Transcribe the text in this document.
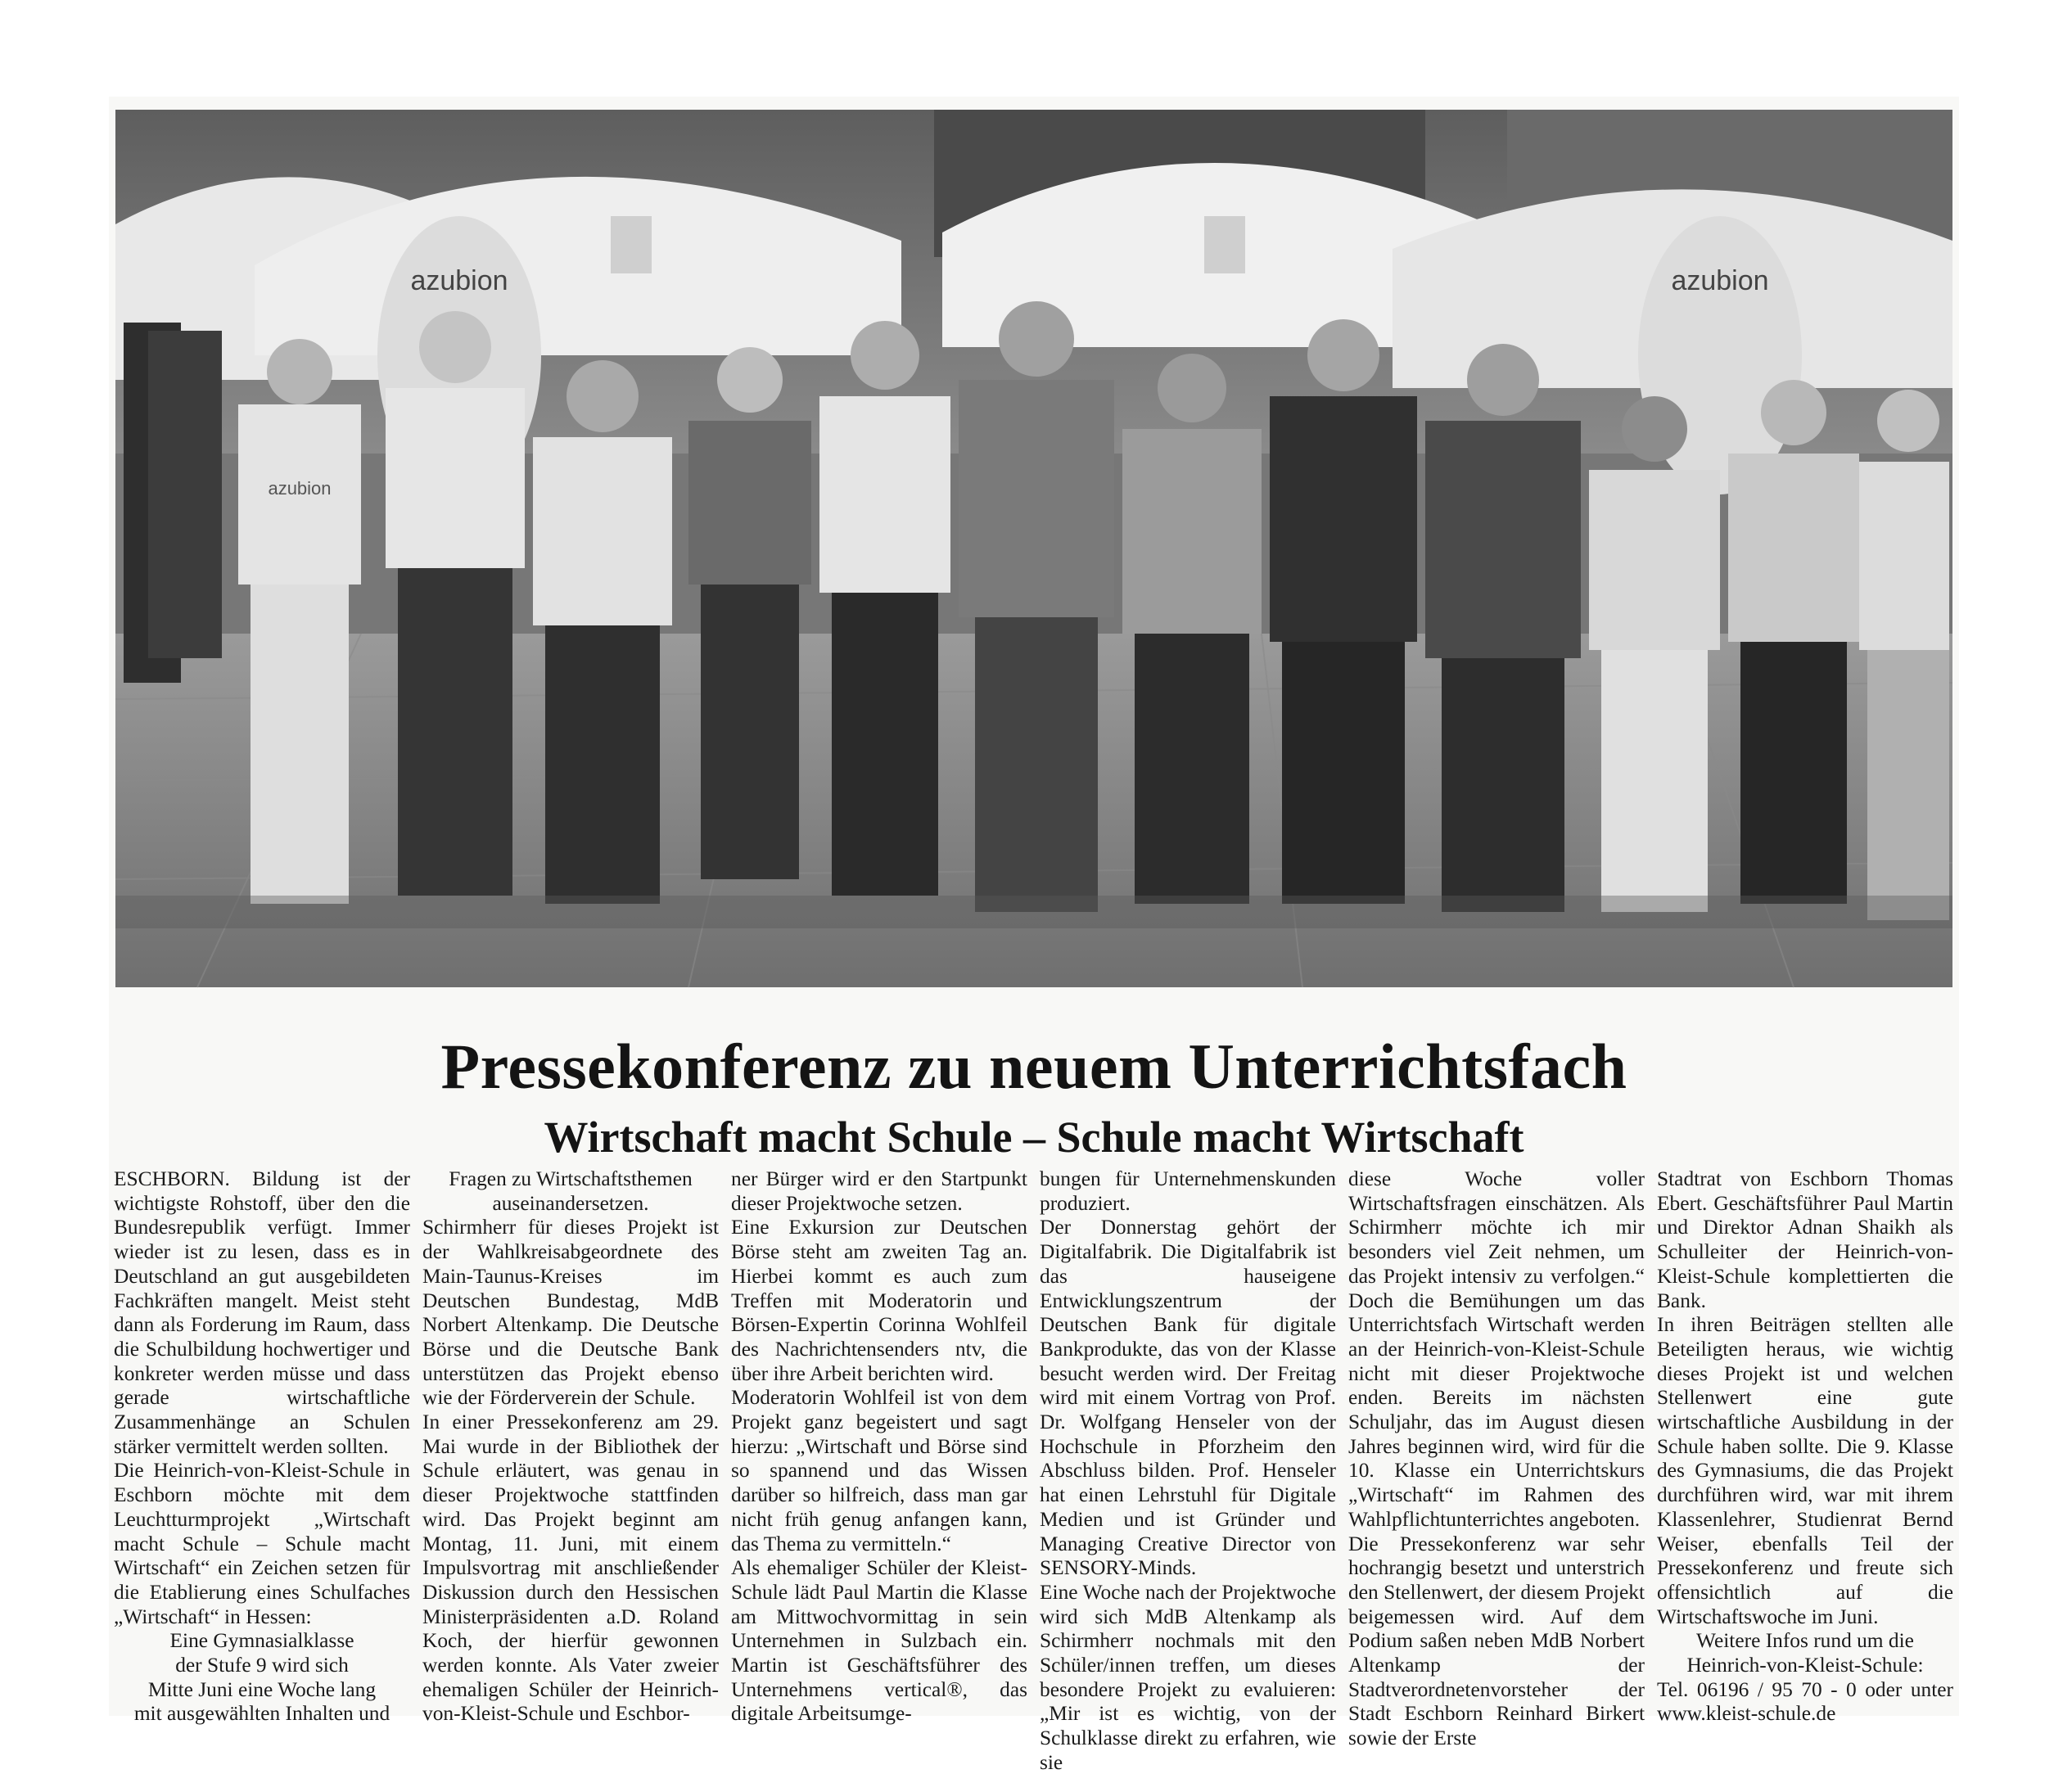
azubion	azubion
azubion
Pressekonferenz zu neuem Unterrichtsfach
Wirtschaft macht Schule – Schule macht Wirtschaft

ESCHBORN. Bildung ist der wichtigste Rohstoff, über den die Bundesrepublik verfügt. Immer wieder ist zu lesen, dass es in Deutschland an gut ausgebildeten Fachkräften mangelt. Meist steht dann als Forderung im Raum, dass die Schulbildung hochwertiger und konkreter werden müsse und dass gerade wirtschaftliche Zusammenhänge an Schulen stärker vermittelt werden sollten.

Die Heinrich-von-Kleist-Schule in Eschborn möchte mit dem Leuchtturmprojekt „Wirtschaft macht Schule – Schule macht Wirtschaft“ ein Zeichen setzen für die Etablierung eines Schulfaches „Wirtschaft“ in Hessen:

Eine Gymnasialklasse

der Stufe 9 wird sich

Mitte Juni eine Woche lang

mit ausgewählten Inhalten und

Fragen zu Wirtschaftsthemen

auseinandersetzen.

Schirmherr für dieses Projekt ist der Wahlkreisabgeordnete des Main-Taunus-Kreises im Deutschen Bundestag, MdB Norbert Altenkamp. Die Deutsche Börse und die Deutsche Bank unterstützen das Projekt ebenso wie der Förderverein der Schule.

In einer Pressekonferenz am 29. Mai wurde in der Bibliothek der Schule erläutert, was genau in dieser Projektwoche stattfinden wird. Das Projekt beginnt am Montag, 11. Juni, mit einem Impulsvortrag mit anschließender Diskussion durch den Hessischen Ministerpräsidenten a.D. Roland Koch, der hierfür gewonnen werden konnte. Als Vater zweier ehemaligen Schüler der Heinrich-von-Kleist-Schule und Eschbor-

ner Bürger wird er den Startpunkt dieser Projektwoche setzen.

Eine Exkursion zur Deutschen Börse steht am zweiten Tag an. Hierbei kommt es auch zum Treffen mit Moderatorin und Börsen-Expertin Corinna Wohlfeil des Nachrichtensenders ntv, die über ihre Arbeit berichten wird.

Moderatorin Wohlfeil ist von dem Projekt ganz begeistert und sagt hierzu: „Wirtschaft und Börse sind so spannend und das Wissen darüber so hilfreich, dass man gar nicht früh genug anfangen kann, das Thema zu vermitteln.“

Als ehemaliger Schüler der Kleist-Schule lädt Paul Martin die Klasse am Mittwochvormittag in sein Unternehmen in Sulzbach ein. Martin ist Geschäftsführer des Unternehmens vertical®, das digitale Arbeitsumge-

bungen für Unternehmenskunden produziert.

Der Donnerstag gehört der Digitalfabrik. Die Digitalfabrik ist das hauseigene Entwicklungszentrum der Deutschen Bank für digitale Bankprodukte, das von der Klasse besucht werden wird. Der Freitag wird mit einem Vortrag von Prof. Dr. Wolfgang Henseler von der Hochschule in Pforzheim den Abschluss bilden. Prof. Henseler hat einen Lehrstuhl für Digitale Medien und ist Gründer und Managing Creative Director von SENSORY-Minds.

Eine Woche nach der Projektwoche wird sich MdB Altenkamp als Schirmherr nochmals mit den Schüler/innen treffen, um dieses besondere Projekt zu evaluieren: „Mir ist es wichtig, von der Schulklasse direkt zu erfahren, wie sie

diese Woche voller Wirtschaftsfragen einschätzen. Als Schirmherr möchte ich mir besonders viel Zeit nehmen, um das Projekt intensiv zu verfolgen.“ Doch die Bemühungen um das Unterrichtsfach Wirtschaft werden an der Heinrich-von-Kleist-Schule nicht mit dieser Projektwoche enden. Bereits im nächsten Schuljahr, das im August diesen Jahres beginnen wird, wird für die 10. Klasse ein Unterrichtskurs „Wirtschaft“ im Rahmen des Wahlpflichtunterrichtes angeboten.

Die Pressekonferenz war sehr hochrangig besetzt und unterstrich den Stellenwert, der diesem Projekt beigemessen wird. Auf dem Podium saßen neben MdB Norbert Altenkamp der Stadtverordnetenvorsteher der Stadt Eschborn Reinhard Birkert sowie der Erste

Stadtrat von Eschborn Thomas Ebert. Geschäftsführer Paul Martin und Direktor Adnan Shaikh als Schulleiter der Heinrich-von-Kleist-Schule komplettierten die Bank.

In ihren Beiträgen stellten alle Beteiligten heraus, wie wichtig dieses Projekt ist und welchen Stellenwert eine gute wirtschaftliche Ausbildung in der Schule haben sollte. Die 9. Klasse des Gymnasiums, die das Projekt durchführen wird, war mit ihrem Klassenlehrer, Studienrat Bernd Weiser, ebenfalls Teil der Pressekonferenz und freute sich offensichtlich auf die Wirtschaftswoche im Juni.

Weitere Infos rund um die

Heinrich-von-Kleist-Schule:

Tel. 06196 / 95 70 - 0 oder unter www.kleist-schule.de
